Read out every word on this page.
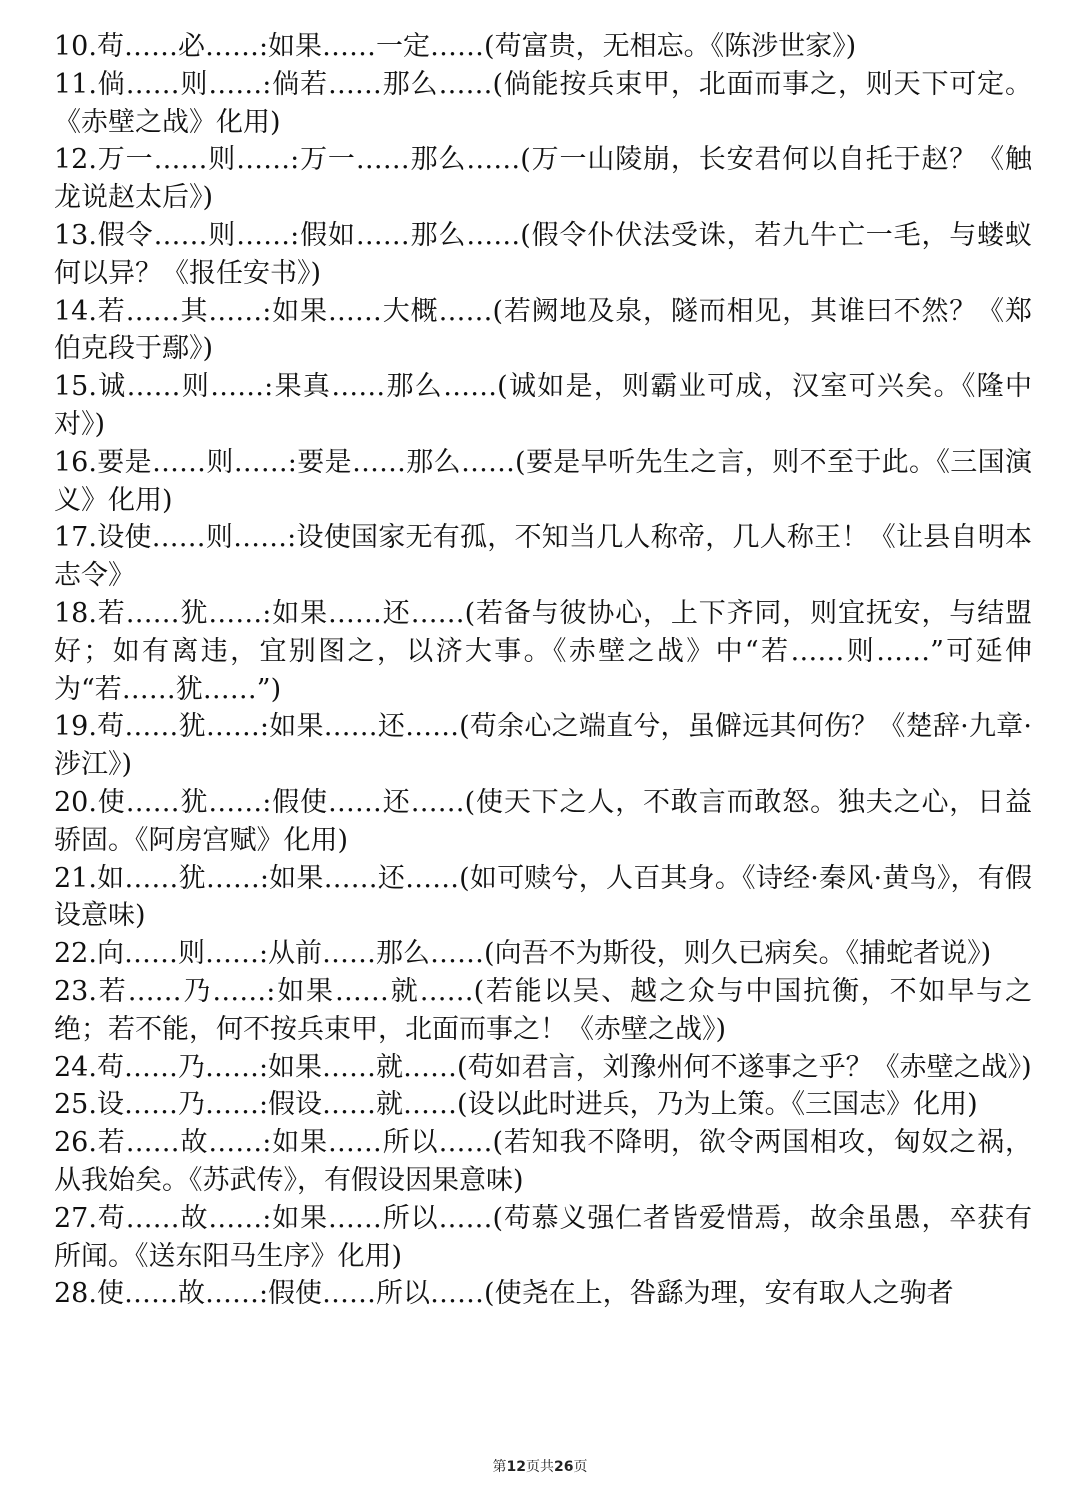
10.苟……必……:如果……一定……(苟富贵，无相忘。《陈涉世家》)

11.倘……则……:倘若……那么……(倘能按兵束甲，北面而事之，则天下可定。《赤壁之战》化用)

12.万一……则……:万一……那么……(万一山陵崩，长安君何以自托于赵？《触龙说赵太后》)

13.假令……则……:假如……那么……(假令仆伏法受诛，若九牛亡一毛，与蝼蚁何以异？《报任安书》)

14.若……其……:如果……大概……(若阙地及泉，隧而相见，其谁曰不然？《郑伯克段于鄢》)

15.诚……则……:果真……那么……(诚如是，则霸业可成，汉室可兴矣。《隆中对》)

16.要是……则……:要是……那么……(要是早听先生之言，则不至于此。《三国演义》化用)

17.设使……则……:设使国家无有孤，不知当几人称帝，几人称王！《让县自明本志令》

18.若……犹……:如果……还……(若备与彼协心，上下齐同，则宜抚安，与结盟好；如有离违，宜别图之，以济大事。《赤壁之战》中“若……则……”可延伸为“若……犹……”)

19.苟……犹……:如果……还……(苟余心之端直兮，虽僻远其何伤？《楚辞·九章·涉江》)

20.使……犹……:假使……还……(使天下之人，不敢言而敢怒。独夫之心，日益骄固。《阿房宫赋》化用)

21.如……犹……:如果……还……(如可赎兮，人百其身。《诗经·秦风·黄鸟》，有假设意味)

22.向……则……:从前……那么……(向吾不为斯役，则久已病矣。《捕蛇者说》)

23.若……乃……:如果……就……(若能以吴、越之众与中国抗衡，不如早与之绝；若不能，何不按兵束甲，北面而事之！《赤壁之战》)

24.苟……乃……:如果……就……(苟如君言，刘豫州何不遂事之乎？《赤壁之战》)

25.设……乃……:假设……就……(设以此时进兵，乃为上策。《三国志》化用)

26.若……故……:如果……所以……(若知我不降明，欲令两国相攻，匈奴之祸，从我始矣。《苏武传》，有假设因果意味)

27.苟……故……:如果……所以……(苟慕义强仁者皆爱惜焉，故余虽愚，卒获有所闻。《送东阳马生序》化用)

28.使……故……:假使……所以……(使尧在上，咎繇为理，安有取人之驹者

第12页共26页
